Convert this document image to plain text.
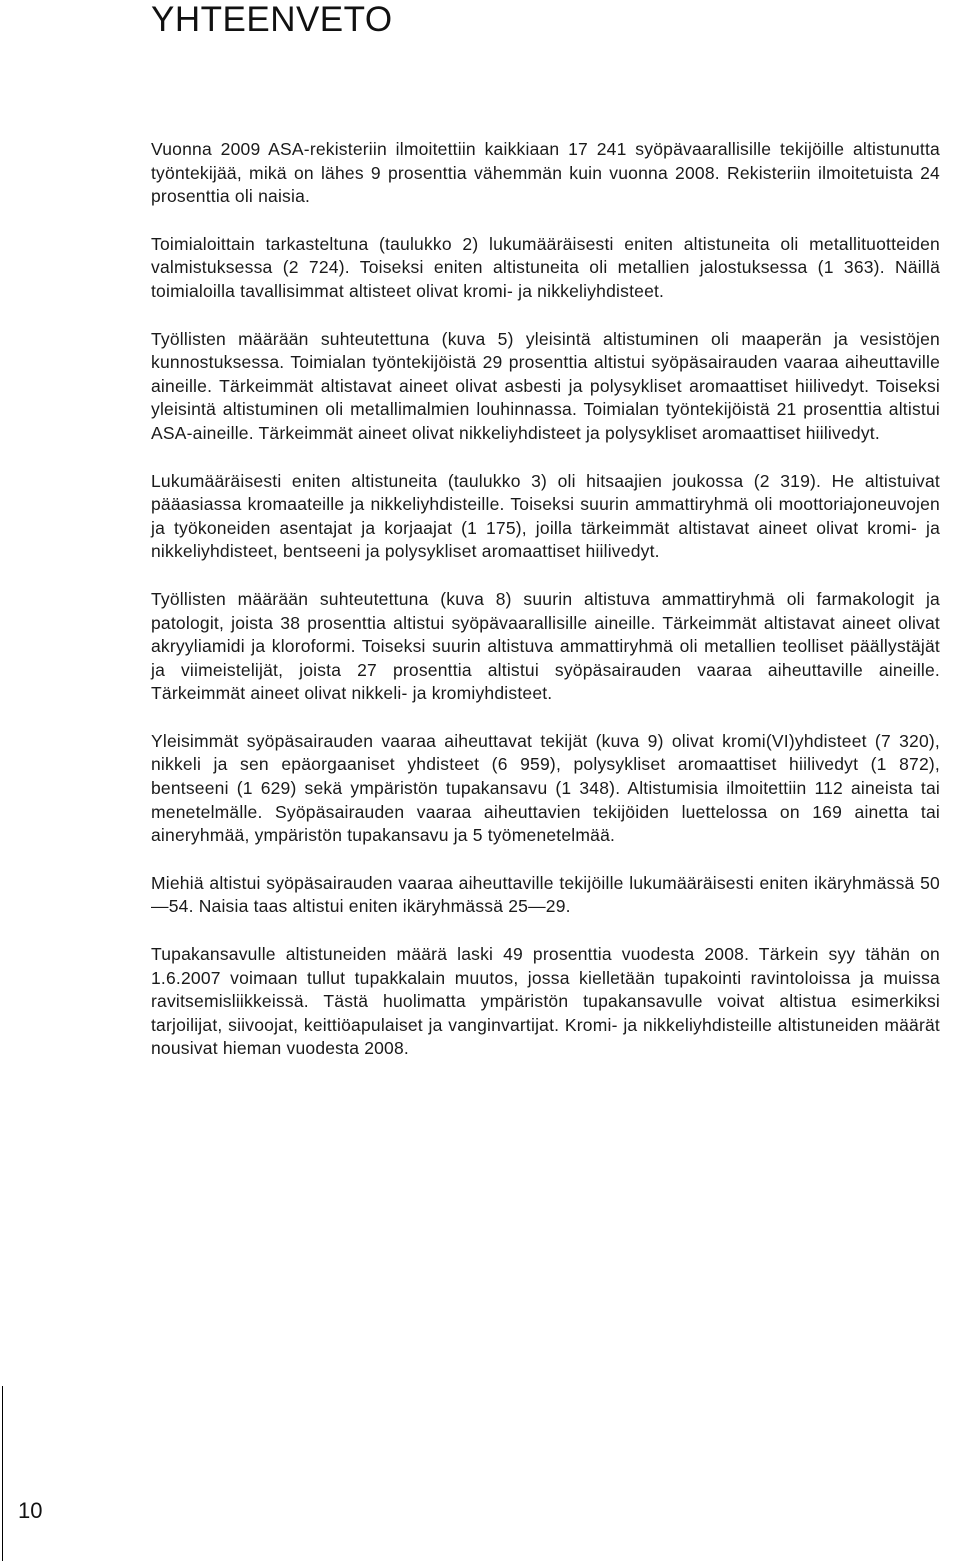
YHTEENVETO

Vuonna 2009 ASA-rekisteriin ilmoitettiin kaikkiaan 17 241 syöpävaarallisille tekijöille altistunutta työntekijää, mikä on lähes 9 prosenttia vähemmän kuin vuonna 2008. Rekisteriin ilmoitetuista 24 prosenttia oli naisia.

Toimialoittain tarkasteltuna (taulukko 2) lukumääräisesti eniten altistuneita oli metallituotteiden valmistuksessa (2 724). Toiseksi eniten altistuneita oli metallien jalostuksessa (1 363). Näillä toimialoilla tavallisimmat altisteet olivat kromi- ja nikkeliyhdisteet.

Työllisten määrään suhteutettuna (kuva 5) yleisintä altistuminen oli maaperän ja vesistöjen kunnostuksessa. Toimialan työntekijöistä 29 prosenttia altistui syöpäsairauden vaaraa aiheuttaville aineille. Tärkeimmät altistavat aineet olivat asbesti ja polysykliset aromaattiset hiilivedyt. Toiseksi yleisintä altistuminen oli metallimalmien louhinnassa. Toimialan työntekijöistä 21 prosenttia altistui ASA-aineille. Tärkeimmät aineet olivat nikkeliyhdisteet ja polysykliset aromaattiset hiilivedyt.

Lukumääräisesti eniten altistuneita (taulukko 3) oli hitsaajien joukossa (2 319). He altistuivat pääasiassa kromaateille ja nikkeliyhdisteille. Toiseksi suurin ammattiryhmä oli moottoriajoneuvojen ja työkoneiden asentajat ja korjaajat (1 175), joilla tärkeimmät altistavat aineet olivat kromi- ja nikkeliyhdisteet, bentseeni ja polysykliset aromaattiset hiilivedyt.

Työllisten määrään suhteutettuna (kuva 8) suurin altistuva ammattiryhmä oli farmakologit ja patologit, joista 38 prosenttia altistui syöpävaarallisille aineille. Tärkeimmät altistavat aineet olivat akryyliamidi ja kloroformi. Toiseksi suurin altistuva ammattiryhmä oli metallien teolliset päällystäjät ja viimeistelijät, joista 27 prosenttia altistui syöpäsairauden vaaraa aiheuttaville aineille. Tärkeimmät aineet olivat nikkeli- ja kromiyhdisteet.

Yleisimmät syöpäsairauden vaaraa aiheuttavat tekijät (kuva 9) olivat kromi(VI)yhdisteet (7 320), nikkeli ja sen epäorgaaniset yhdisteet (6 959), polysykliset aromaattiset hiilivedyt (1 872), bentseeni (1 629) sekä ympäristön tupakansavu (1 348). Altistumisia ilmoitettiin 112 aineista tai menetelmälle. Syöpäsairauden vaaraa aiheuttavien tekijöiden luettelossa on 169 ainetta tai aineryhmää, ympäristön tupakansavu ja 5 työmenetelmää.

Miehiä altistui syöpäsairauden vaaraa aiheuttaville tekijöille lukumääräisesti eniten ikäryhmässä 50—54. Naisia taas altistui eniten ikäryhmässä 25—29.

Tupakansavulle altistuneiden määrä laski 49 prosenttia vuodesta 2008. Tärkein syy tähän on 1.6.2007 voimaan tullut tupakkalain muutos, jossa kielletään tupakointi ravintoloissa ja muissa ravitsemisliikkeissä. Tästä huolimatta ympäristön tupakansavulle voivat altistua esimerkiksi tarjoilijat, siivoojat, keittiöapulaiset ja vanginvartijat. Kromi- ja nikkeliyhdisteille altistuneiden määrät nousivat hieman vuodesta 2008.

10
